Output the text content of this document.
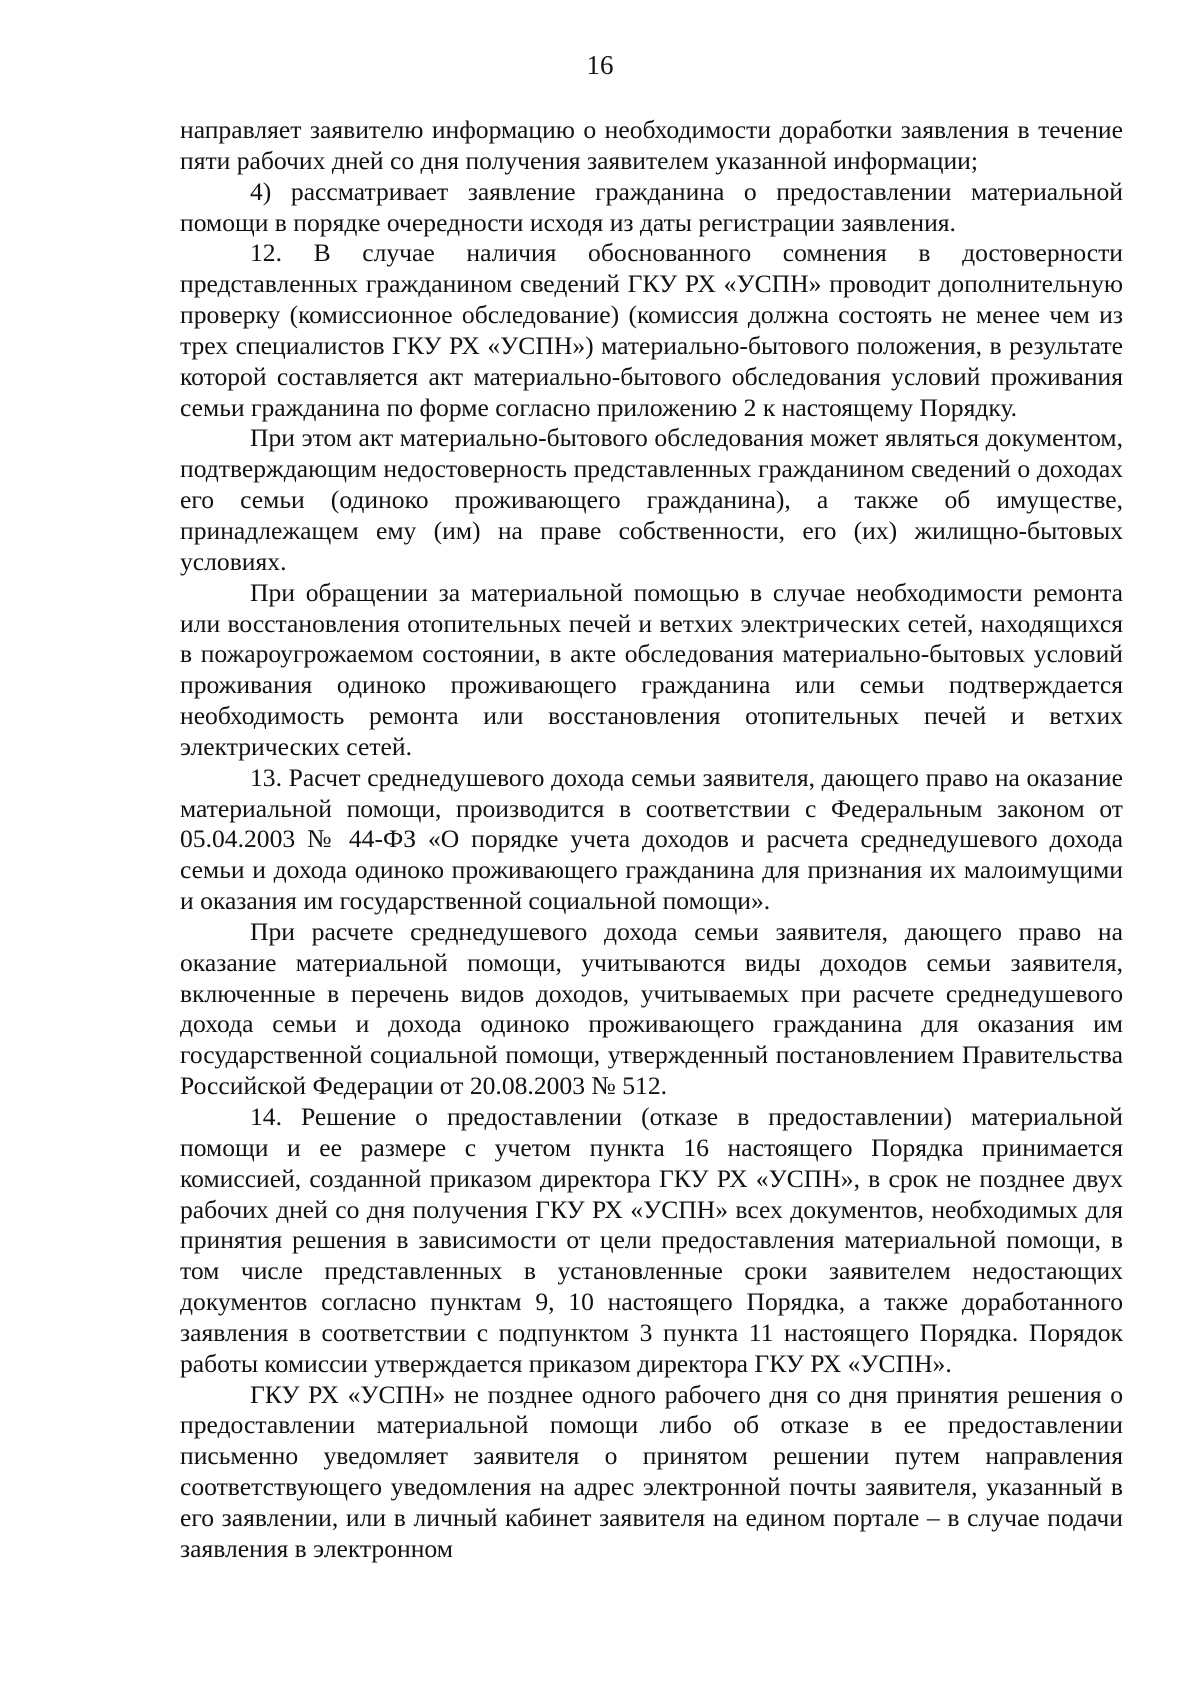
16

направляет заявителю информацию о необходимости доработки заявления в течение пяти рабочих дней со дня получения заявителем указанной информации;

4) рассматривает заявление гражданина о предоставлении материальной помощи в порядке очередности исходя из даты регистрации заявления.

12. В случае наличия обоснованного сомнения в достоверности представленных гражданином сведений ГКУ РХ «УСПН» проводит дополнительную проверку (комиссионное обследование) (комиссия должна состоять не менее чем из трех специалистов ГКУ РХ «УСПН») материально-бытового положения, в результате которой составляется акт материально-бытового обследования условий проживания семьи гражданина по форме согласно приложению 2 к настоящему Порядку.

При этом акт материально-бытового обследования может являться документом, подтверждающим недостоверность представленных гражданином сведений о доходах его семьи (одиноко проживающего гражданина), а также об имуществе, принадлежащем ему (им) на праве собственности, его (их) жилищно-бытовых условиях.

При обращении за материальной помощью в случае необходимости ремонта или восстановления отопительных печей и ветхих электрических сетей, находящихся в пожароугрожаемом состоянии, в акте обследования материально-бытовых условий проживания одиноко проживающего гражданина или семьи подтверждается необходимость ремонта или восстановления отопительных печей и ветхих электрических сетей.

13. Расчет среднедушевого дохода семьи заявителя, дающего право на оказание материальной помощи, производится в соответствии с Федеральным законом от 05.04.2003 № 44-ФЗ «О порядке учета доходов и расчета среднедушевого дохода семьи и дохода одиноко проживающего гражданина для признания их малоимущими и оказания им государственной социальной помощи».

При расчете среднедушевого дохода семьи заявителя, дающего право на оказание материальной помощи, учитываются виды доходов семьи заявителя, включенные в перечень видов доходов, учитываемых при расчете среднедушевого дохода семьи и дохода одиноко проживающего гражданина для оказания им государственной социальной помощи, утвержденный постановлением Правительства Российской Федерации от 20.08.2003 № 512.

14. Решение о предоставлении (отказе в предоставлении) материальной помощи и ее размере с учетом пункта 16 настоящего Порядка принимается комиссией, созданной приказом директора ГКУ РХ «УСПН», в срок не позднее двух рабочих дней со дня получения ГКУ РХ «УСПН» всех документов, необходимых для принятия решения в зависимости от цели предоставления материальной помощи, в том числе представленных в установленные сроки заявителем недостающих документов согласно пунктам 9, 10 настоящего Порядка, а также доработанного заявления в соответствии с подпунктом 3 пункта 11 настоящего Порядка. Порядок работы комиссии утверждается приказом директора ГКУ РХ «УСПН».

ГКУ РХ «УСПН» не позднее одного рабочего дня со дня принятия решения о предоставлении материальной помощи либо об отказе в ее предоставлении письменно уведомляет заявителя о принятом решении путем направления соответствующего уведомления на адрес электронной почты заявителя, указанный в его заявлении, или в личный кабинет заявителя на едином портале – в случае подачи заявления в электронном
